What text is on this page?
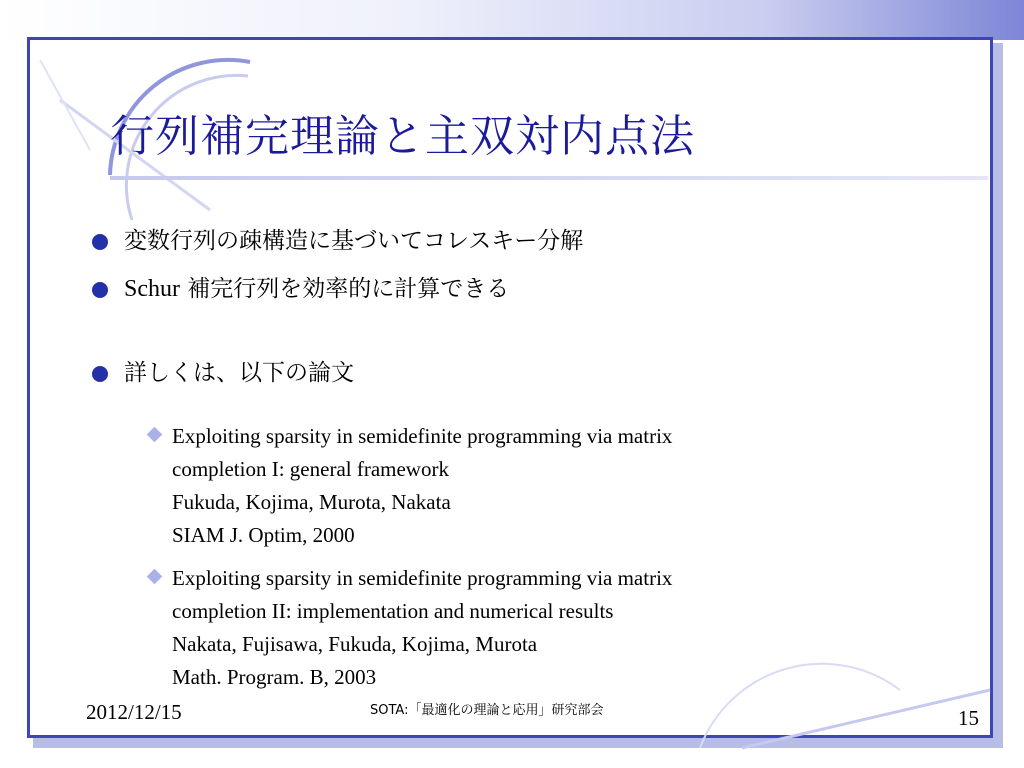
行列補完理論と主双対内点法
変数行列の疎構造に基づいてコレスキー分解
Schur 補完行列を効率的に計算できる
詳しくは、以下の論文
Exploiting sparsity in semidefinite programming via matrix
completion I: general framework
Fukuda, Kojima, Murota, Nakata
SIAM J. Optim, 2000
Exploiting sparsity in semidefinite programming via matrix
completion II: implementation and numerical results
Nakata, Fujisawa, Fukuda, Kojima, Murota
Math. Program. B, 2003
2012/12/15	SOTA:「最適化の理論と応用」研究部会	15
